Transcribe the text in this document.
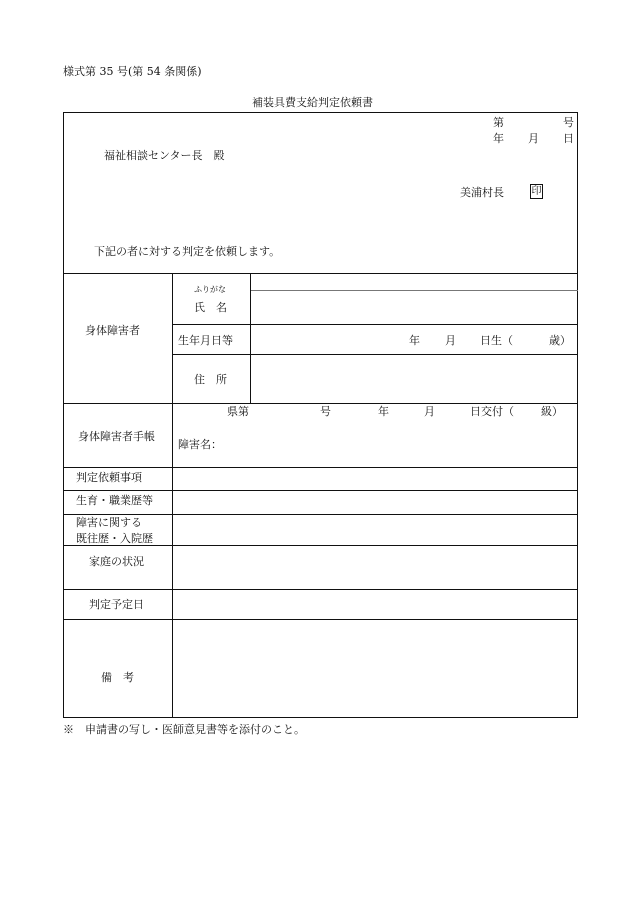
様式第 35 号(第 54 条関係)
補装具費支給判定依頼書
第	号
年 月 日
福祉相談センター長　殿
美浦村長	印
下記の者に対する判定を依頼します。
身体障害者
ふりがな
氏　名
生年月日等	年 月 日生（	歳）
住　所
身体障害者手帳
県第	号	年	月	日交付（ 級）
障害名：
判定依頼事項
生育・職業歴等
障害に関する
既往歴・入院歴
家庭の状況
判定予定日
備　考
※　申請書の写し・医師意見書等を添付のこと。
